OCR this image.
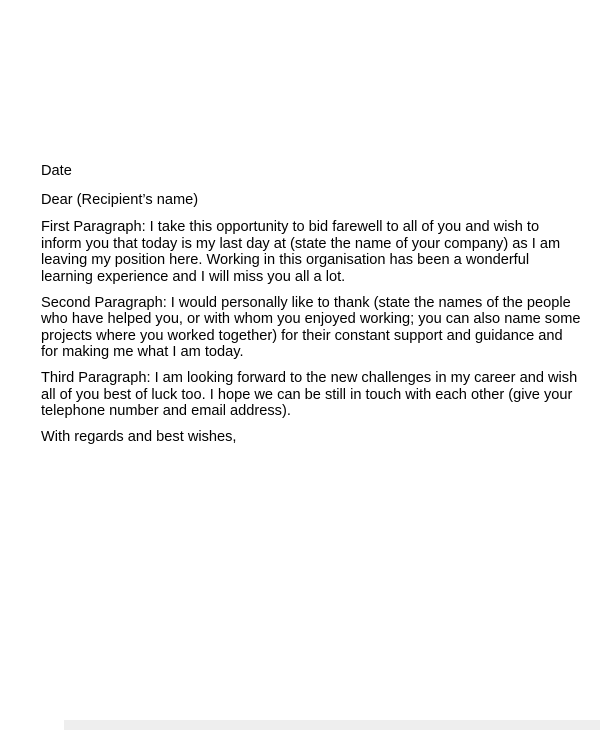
Date

Dear (Recipient’s name)

First Paragraph: I take this opportunity to bid farewell to all of you and wish to inform you that today is my last day at (state the name of your company) as I am leaving my position here. Working in this organisation has been a wonderful learning experience and I will miss you all a lot.

Second Paragraph: I would personally like to thank (state the names of the people who have helped you, or with whom you enjoyed working; you can also name some projects where you worked together) for their constant support and guidance and for making me what I am today.

Third Paragraph: I am looking forward to the new challenges in my career and wish all of you best of luck too. I hope we can be still in touch with each other (give your telephone number and email address).

With regards and best wishes,
